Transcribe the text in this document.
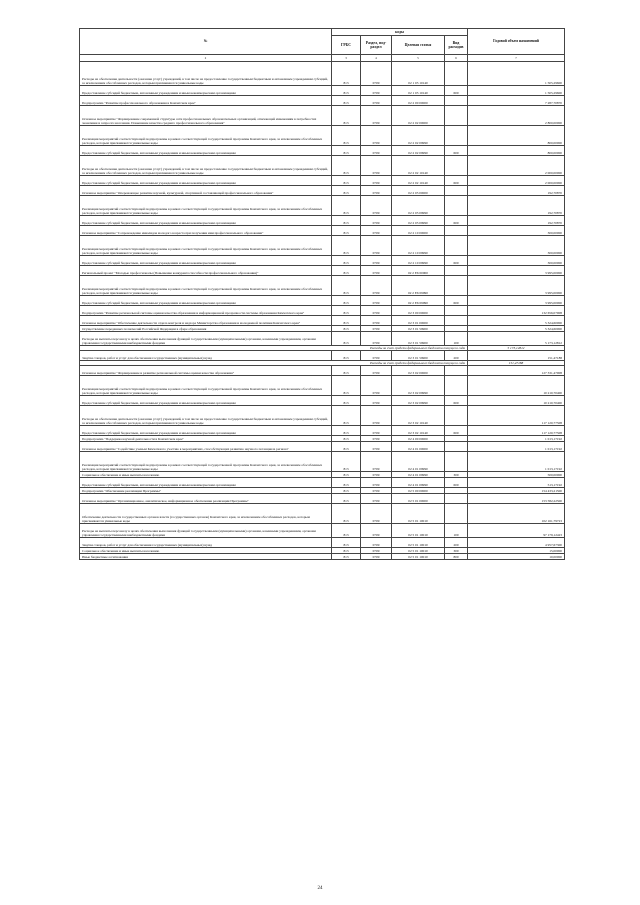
№	коды				Годовой объем назначений
	ГРБС	Раздел, под-раздел	Целевая статья	Вид расходов	
2	3	4	5	6	7
Расходы на обеспечение деятельности (оказание услуг) учреждений, в том числе на предоставление государственным бюджетным и автономным учреждениям субсидий, за исключением обособленных расходов, которым присваиваются уникальные коды	813	0709	02 1 03 10140		1 505,29600
Предоставление субсидий бюджетным, автономным учреждениям и иным некоммерческим организациям	813	0709	02 1 03 10140	600	1 505,29600
Подпрограмма "Развитие профессионального образования в Камчатском крае"	813	0709	02 2 00 00000		7 287,70870
Основное мероприятие "Формирование современной структуры сети профессиональных образовательных организаций, отвечающей изменениям в потребностях экономики и запросах населения. Повышение качества среднего профессионального образования"	813	0709	02 2 02 00000		2 800,00000
Реализация мероприятий соответствующей подпрограммы в рамках соответствующей государственной программы Камчатского края, за исключением обособленных расходов, которым присваиваются уникальные коды	813	0709	02 2 02 09990		800,00000
Предоставление субсидий бюджетным, автономным учреждениям и иным некоммерческим организациям	813	0709	02 2 02 09990	600	800,00000
Расходы на обеспечение деятельности (оказание услуг) учреждений, в том числе на предоставление государственным бюджетным и автономным учреждениям субсидий, за исключением обособленных расходов, которым присваиваются уникальные коды	813	0709	02 2 02 10140		2 000,00000
Предоставление субсидий бюджетным, автономным учреждениям и иным некоммерческим организациям	813	0709	02 2 02 10140	600	2 000,00000
Основное мероприятие "Опережающее развитие научной, культурной, спортивной составляющей профессионального образования"	813	0709	02 2 03 00000		192,70870
Реализация мероприятий соответствующей подпрограммы в рамках соответствующей государственной программы Камчатского края, за исключением обособленных расходов, которым присваиваются уникальные коды	813	0709	02 2 03 09990		192,70870
Предоставление субсидий бюджетным, автономным учреждениям и иным некоммерческим организациям	813	0709	02 2 03 09990	600	192,70870
Основное мероприятие "Сопровождение инвалидов молодого возраста при получении ими профессионального образования"	813	0709	02 2 10 00000		300,00000
Реализация мероприятий соответствующей подпрограммы в рамках соответствующей государственной программы Камчатского края, за исключением обособленных расходов, которым присваиваются уникальные коды	813	0709	02 2 10 09990		300,00000
Предоставление субсидий бюджетным, автономным учреждениям и иным некоммерческим организациям	813	0709	02 2 10 09990	600	300,00000
Региональный проект "Молодые профессионалы (Повышение конкурентоспособности профессионального образования)"	813	0709	02 2 E6 00000		3 995,00000
Реализация мероприятий соответствующей подпрограммы в рамках соответствующей государственной программы Камчатского края, за исключением обособленных расходов, которым присваиваются уникальные коды	813	0709	02 2 E6 09990		3 995,00000
Предоставление субсидий бюджетным, автономным учреждениям и иным некоммерческим организациям	813	0709	02 2 E6 09990	600	3 995,00000
Подпрограмма "Развитие региональной системы оценки качества образования и информационной прозрачности системы образования Камчатского края"	813	0709	02 3 00 00000		132 656,07908
Основное мероприятие "Обеспечение деятельности отдела контроля и надзора Министерства образования и молодежной политики Камчатского края"	813	0709	02 3 01 00000		5 324,60000
Осуществление переданных полномочий Российской Федерации в сфере образования	813	0709	02 3 01 59900		5 324,60000
Расходы на выплаты персоналу в целях обеспечения выполнения функций государственными (муниципальными) органами, казенными учреждениями, органами управления государственными внебюджетными фондами	813	0709	02 3 01 59900	100	5 173,12812
Расходы за счет средств федерального бюджета текущего года					5 173,12812
Закупка товаров, работ и услуг для обеспечения государственных (муниципальных) нужд	813	0709	02 3 01 59900	200	151,47188
Расходы за счет средств федерального бюджета текущего года					151,47188
Основное мероприятие "Формирование и развитие региональной системы оценки качества образования"	813	0709	02 3 02 00000		127 331,47908
Реализация мероприятий соответствующей подпрограммы в рамках соответствующей государственной программы Камчатского края, за исключением обособленных расходов, которым присваиваются уникальные коды	813	0709	02 3 02 09990		10 210,70400
Предоставление субсидий бюджетным, автономным учреждениям и иным некоммерческим организациям	813	0709	02 3 02 09990	600	10 210,70400
Расходы на обеспечение деятельности (оказание услуг) учреждений, в том числе на предоставление государственным бюджетным и автономным учреждениям субсидий, за исключением обособленных расходов, которым присваиваются уникальные коды	813	0709	02 3 02 10140		117 120,77508
Предоставление субсидий бюджетным, автономным учреждениям и иным некоммерческим организациям	813	0709	02 3 02 10140	600	117 120,77508
Подпрограмма "Поддержка научной деятельности в Камчатском крае"	813	0709	02 4 00 00000		1 013,17192
Основное мероприятие "Содействие ученым Камчатки по участию в мероприятиях, способствующих развитию научного потенциала региона"	813	0709	02 4 01 00000		1 013,17192
Реализация мероприятий соответствующей подпрограммы в рамках соответствующей государственной программы Камчатского края, за исключением обособленных расходов, которым присваиваются уникальные коды	813	0709	02 4 01 09990		1 013,17192
Социальное обеспечение и иные выплаты населению	813	0709	02 4 01 09990	300	500,00000
Предоставление субсидий бюджетным, автономным учреждениям и иным некоммерческим организациям	813	0709	02 4 01 09990	600	513,17192
Подпрограмма "Обеспечение реализации Программы"	813	0709	02 5 00 00000		154 433,21500
Основное мероприятие "Организационное, аналитическое, информационное обеспечение реализации Программы"	813	0709	02 5 01 00000		153 582,22500
Обеспечение деятельности государственных органов власти (государственных органов) Камчатского края, за исключением обособленных расходов, которым присваиваются уникальные коды	813	0709	02 5 01 10010		102 161,79723
Расходы на выплаты персоналу в целях обеспечения выполнения функций государственными (муниципальными) органами, казенными учреждениями, органами управления государственными внебюджетными фондами	813	0709	02 5 01 10010	100	97 179,12423
Закупка товаров, работ и услуг для обеспечения государственных (муниципальных) нужд	813	0709	02 5 01 10010	200	4 957,67300
Социальное обеспечение и иные выплаты населению	813	0709	02 5 01 10010	300	15,00000
Иные бюджетные ассигнования	813	0709	02 5 01 10010	800	10,00000
24
